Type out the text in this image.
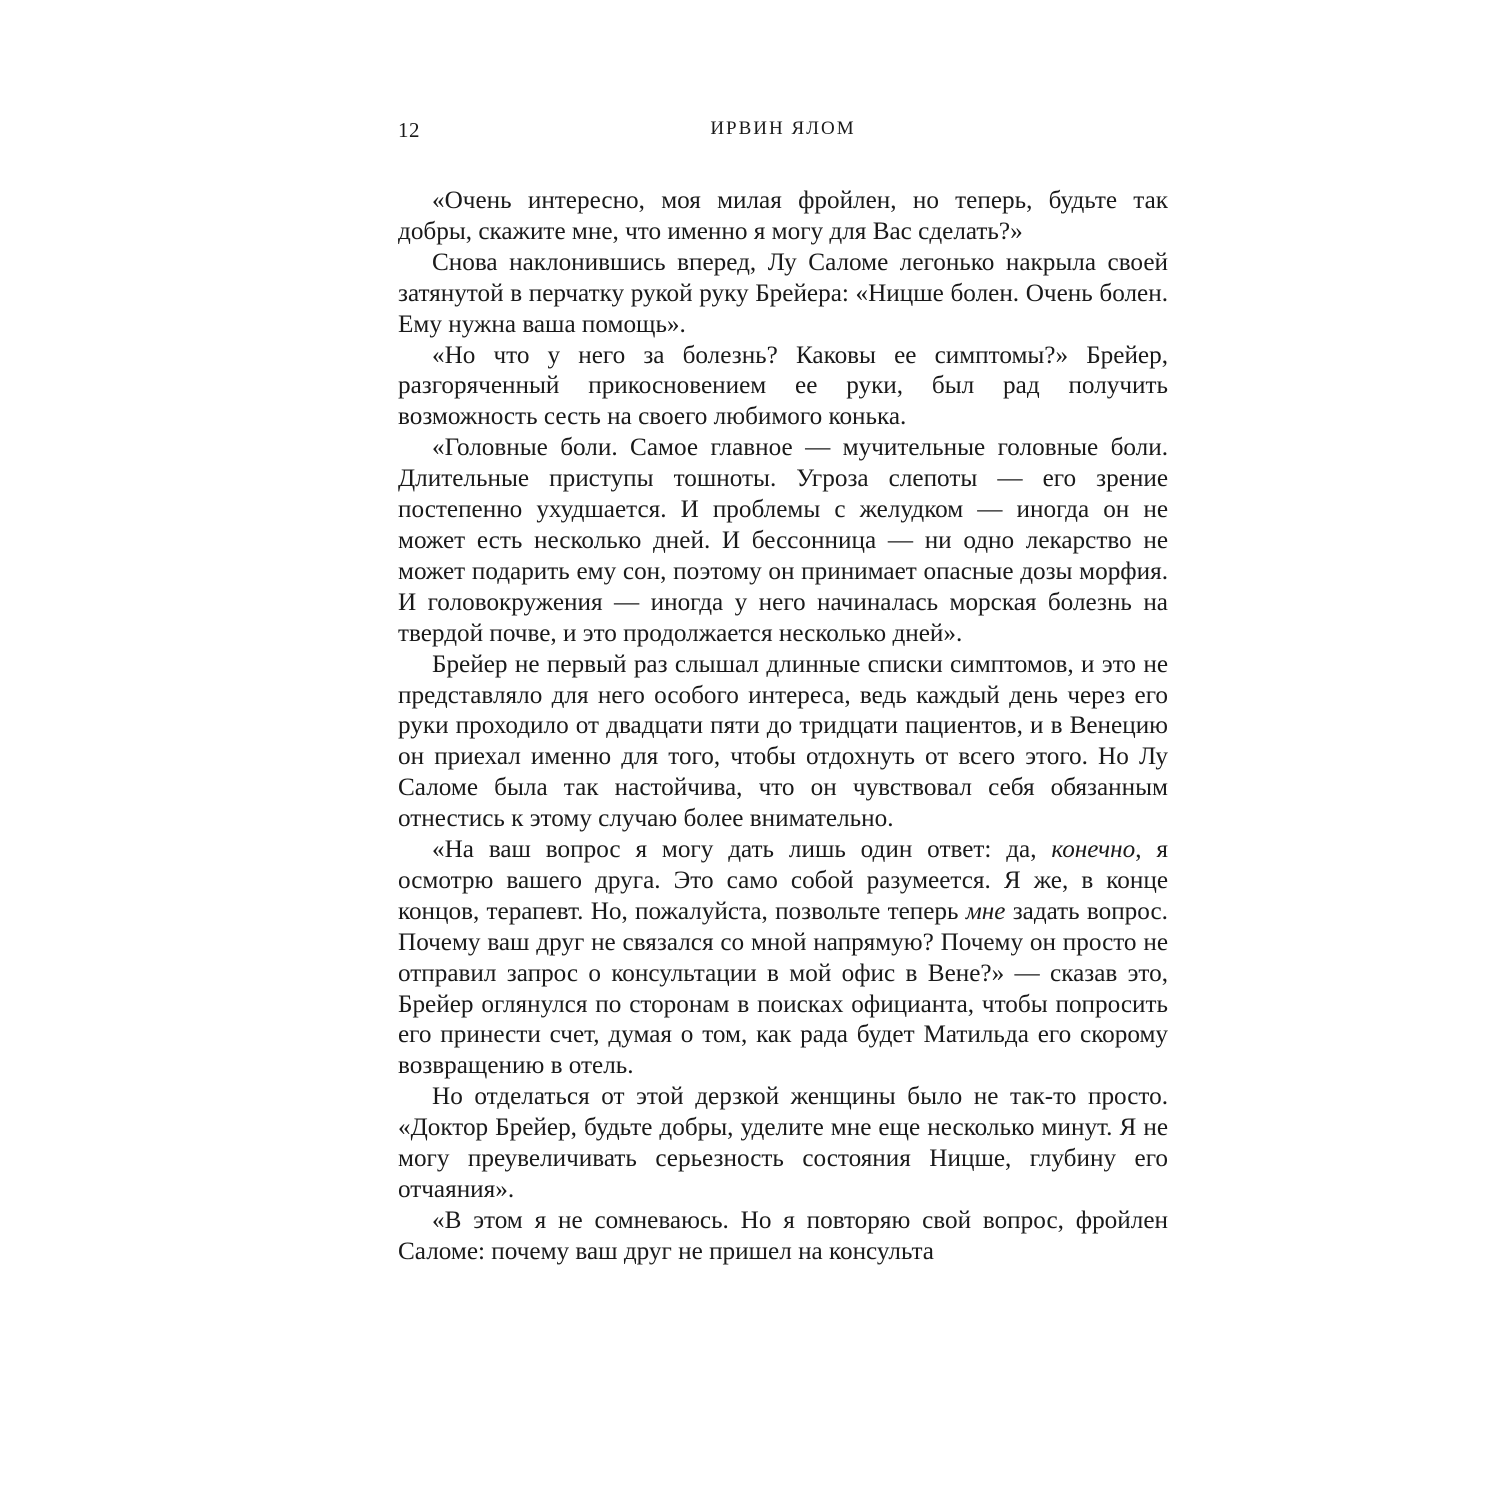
12	ИРВИН ЯЛОМ

«Очень интересно, моя милая фройлен, но теперь, будьте так добры, скажите мне, что именно я могу для Вас сделать?»

Снова наклонившись вперед, Лу Саломе легонько накрыла своей затянутой в перчатку рукой руку Брейера: «Ницше болен. Очень болен. Ему нужна ваша помощь».

«Но что у него за болезнь? Каковы ее симптомы?» Брейер, разгоряченный прикосновением ее руки, был рад получить возможность сесть на своего любимого конька.

«Головные боли. Самое главное — мучительные головные боли. Длительные приступы тошноты. Угроза слепоты — его зрение постепенно ухудшается. И проблемы с желудком — иногда он не может есть несколько дней. И бессонница — ни одно лекарство не может подарить ему сон, поэтому он принимает опасные дозы морфия. И головокружения — иногда у него начиналась морская болезнь на твердой почве, и это продолжается несколько дней».

Брейер не первый раз слышал длинные списки симптомов, и это не представляло для него особого интереса, ведь каждый день через его руки проходило от двадцати пяти до тридцати пациентов, и в Венецию он приехал именно для того, чтобы отдохнуть от всего этого. Но Лу Саломе была так настойчива, что он чувствовал себя обязанным отнестись к этому случаю более внимательно.

«На ваш вопрос я могу дать лишь один ответ: да, конечно, я осмотрю вашего друга. Это само собой разумеется. Я же, в конце концов, терапевт. Но, пожалуйста, позвольте теперь мне задать вопрос. Почему ваш друг не связался со мной напрямую? Почему он просто не отправил запрос о консультации в мой офис в Вене?» — сказав это, Брейер оглянулся по сторонам в поисках официанта, чтобы попросить его принести счет, думая о том, как рада будет Матильда его скорому возвращению в отель.

Но отделаться от этой дерзкой женщины было не так-то просто. «Доктор Брейер, будьте добры, уделите мне еще несколько минут. Я не могу преувеличивать серьезность состояния Ницше, глубину его отчаяния».

«В этом я не сомневаюсь. Но я повторяю свой вопрос, фройлен Саломе: почему ваш друг не пришел на консульта
